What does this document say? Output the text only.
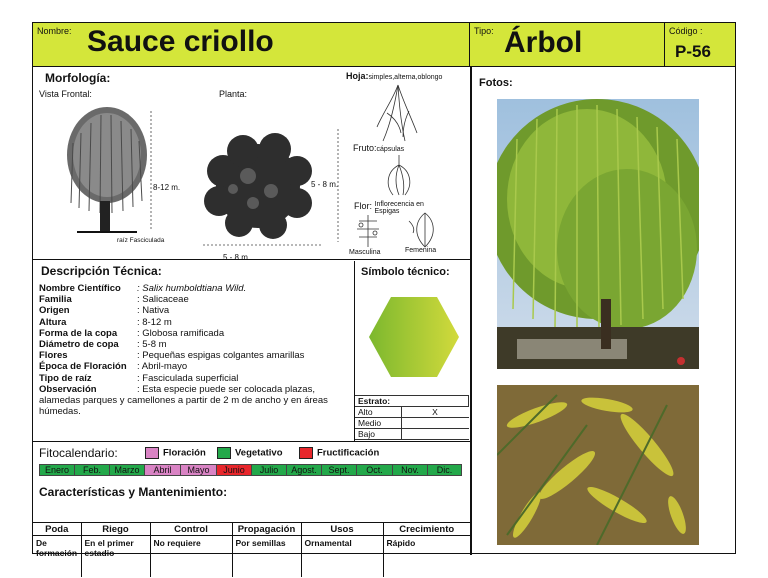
Nombre: Sauce criollo	Tipo: Árbol	Código :
P-56
Morfología:
Vista Frontal:	Planta:
8-12 m.
raíz Fasciculada
5 - 8 m.
5 - 8 m.
Hoja:simples,alterna,oblongo
Fruto:cápsulas
Flor: Inflorecencia en Espigas
Masculina	Femenina
Descripción Técnica:
Nombre Científico	: Salix humboldtiana Wild.
Familia	: Salicaceae
Origen	: Nativa
Altura	: 8-12 m
Forma de la copa	: Globosa ramificada
Diámetro de copa	: 5-8 m
Flores	: Pequeñas espigas colgantes amarillas
Época de Floración	: Abril-mayo
Tipo de raíz	: Fasciculada superficial
Observación	: Esta especie puede ser colocada plazas,
alamedas parques y camellones a partir de 2 m de ancho y en áreas húmedas.
Símbolo técnico:
Estrato:	
Alto	X
Medio	
Bajo	
Fitocalendario:	Floración	Vegetativo	Fructificación
Enero	Feb.	Marzo	Abril	Mayo	Junio	Julio	Agost.	Sept.	Oct.	Nov.	Dic.
Características y Mantenimiento:
Poda	Riego	Control	Propagación	Usos	Crecimiento
De formación	En el primer estadio	No requiere	Por semillas	Ornamental	Rápido
Fotos:
